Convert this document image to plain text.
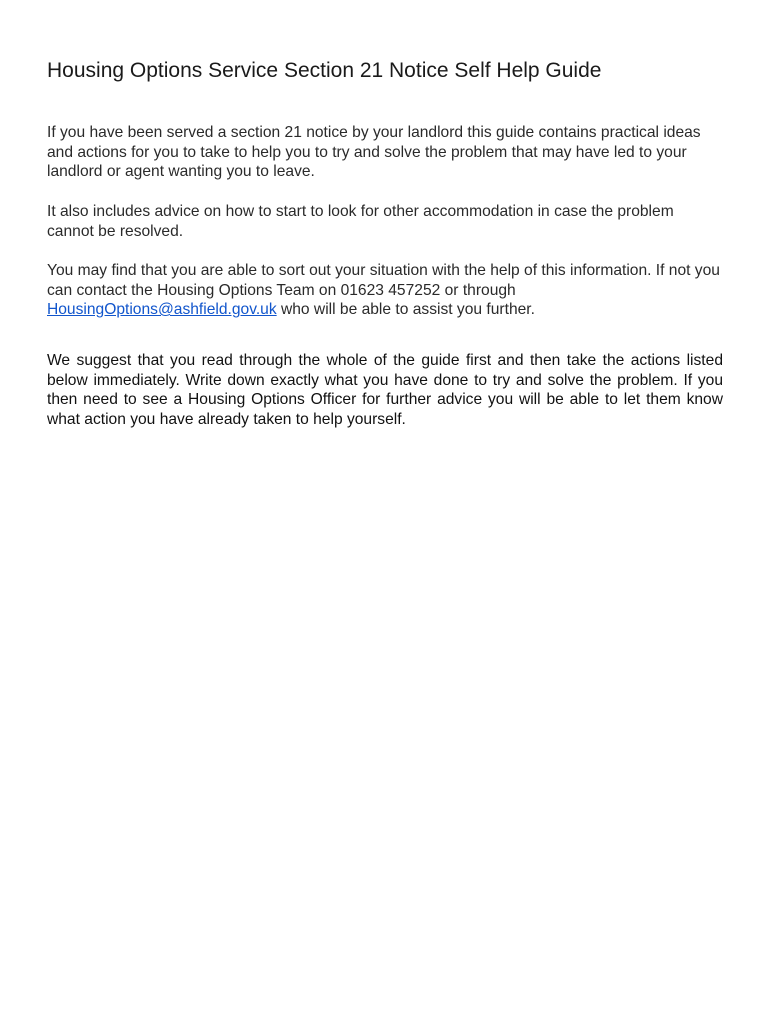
Housing Options Service Section 21 Notice Self Help Guide

If you have been served a section 21 notice by your landlord this guide contains practical ideas and actions for you to take to help you to try and solve the problem that may have led to your landlord or agent wanting you to leave.

It also includes advice on how to start to look for other accommodation in case the problem cannot be resolved.

You may find that you are able to sort out your situation with the help of this information. If not you can contact the Housing Options Team on 01623 457252 or through HousingOptions@ashfield.gov.uk who will be able to assist you further.

We suggest that you read through the whole of the guide first and then take the actions listed below immediately. Write down exactly what you have done to try and solve the problem. If you then need to see a Housing Options Officer for further advice you will be able to let them know what action you have already taken to help yourself.
